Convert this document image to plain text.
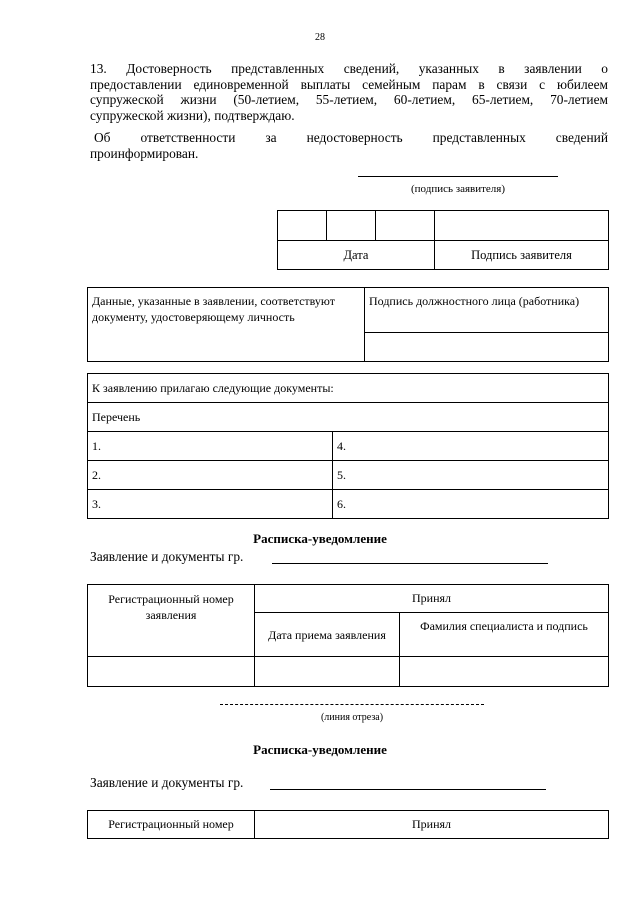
28
13. Достоверность представленных сведений, указанных в заявлении о
предоставлении единовременной выплаты семейным парам в связи с юбилеем
супружеской жизни (50-летием, 55-летием, 60-летием, 65-летием, 70-летием
супружеской жизни), подтверждаю.
Об ответственности за недостоверность представленных сведений
проинформирован.
(подпись заявителя)

Дата			Подпись заявителя
Данные, указанные в заявлении, соответствуют документу, удостоверяющему личность	Подпись должностного лица (работника)

К заявлению прилагаю следующие документы:	
Перечень	
1.	4.
2.	5.
3.	6.
Расписка-уведомление
Заявление и документы гр.
Регистрационный номер заявления	Принял	
	Дата приема заявления	Фамилия специалиста и подпись

(линия отреза)
Расписка-уведомление
Заявление и документы гр.
Регистрационный номер	Принял
